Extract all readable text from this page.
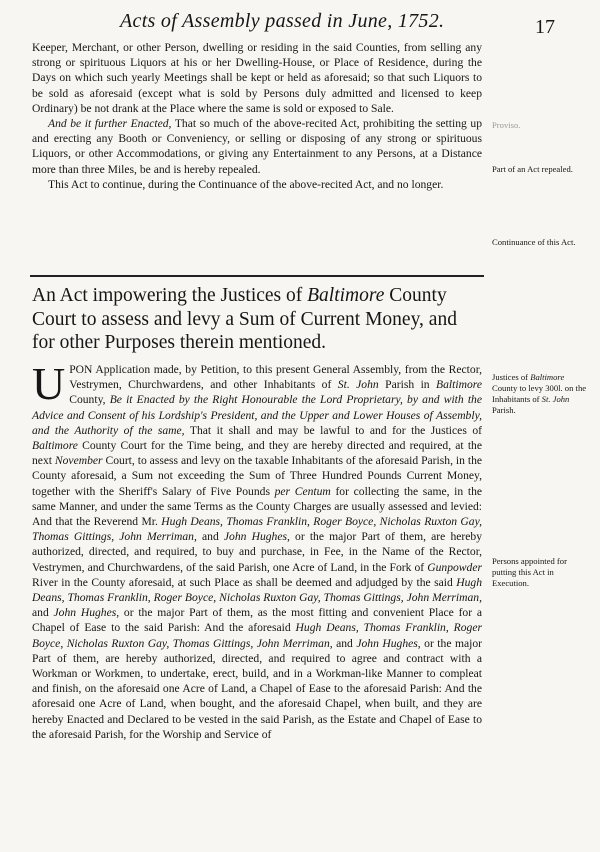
Acts of Assembly passed in June, 1752.	17

Keeper, Merchant, or other Person, dwelling or residing in the said Counties, from selling any strong or spirituous Liquors at his or her Dwelling-House, or Place of Residence, during the Days on which such yearly Meetings shall be kept or held as aforesaid; so that such Liquors to be sold as aforesaid (except what is sold by Persons duly admitted and licensed to keep Ordinary) be not drank at the Place where the same is sold or exposed to Sale.

And be it further Enacted, That so much of the above-recited Act, prohibiting the setting up and erecting any Booth or Conveniency, or selling or disposing of any strong or spirituous Liquors, or other Accommodations, or giving any Entertainment to any Persons, at a Distance more than three Miles, be and is hereby repealed.

This Act to continue, during the Continuance of the above-recited Act, and no longer.

An Act impowering the Justices of Baltimore County Court to assess and levy a Sum of Current Money, and for other Purposes therein mentioned.

UPON Application made, by Petition, to this present General Assembly, from the Rector, Vestrymen, Churchwardens, and other Inhabitants of St. John Parish in Baltimore County, Be it Enacted by the Right Honourable the Lord Proprietary, by and with the Advice and Consent of his Lordship's President, and the Upper and Lower Houses of Assembly, and the Authority of the same, That it shall and may be lawful to and for the Justices of Baltimore County Court for the Time being, and they are hereby directed and required, at the next November Court, to assess and levy on the taxable Inhabitants of the aforesaid Parish, in the County aforesaid, a Sum not exceeding the Sum of Three Hundred Pounds Current Money, together with the Sheriff's Salary of Five Pounds per Centum for collecting the same, in the same Manner, and under the same Terms as the County Charges are usually assessed and levied: And that the Reverend Mr. Hugh Deans, Thomas Franklin, Roger Boyce, Nicholas Ruxton Gay, Thomas Gittings, John Merriman, and John Hughes, or the major Part of them, are hereby authorized, directed, and required, to buy and purchase, in Fee, in the Name of the Rector, Vestrymen, and Churchwardens, of the said Parish, one Acre of Land, in the Fork of Gunpowder River in the County aforesaid, at such Place as shall be deemed and adjudged by the said Hugh Deans, Thomas Franklin, Roger Boyce, Nicholas Ruxton Gay, Thomas Gittings, John Merriman, and John Hughes, or the major Part of them, as the most fitting and convenient Place for a Chapel of Ease to the said Parish: And the aforesaid Hugh Deans, Thomas Franklin, Roger Boyce, Nicholas Ruxton Gay, Thomas Gittings, John Merriman, and John Hughes, or the major Part of them, are hereby authorized, directed, and required to agree and contract with a Workman or Workmen, to undertake, erect, build, and in a Workman-like Manner to compleat and finish, on the aforesaid one Acre of Land, a Chapel of Ease to the aforesaid Parish: And the aforesaid one Acre of Land, when bought, and the aforesaid Chapel, when built, and they are hereby Enacted and Declared to be vested in the said Parish, as the Estate and Chapel of Ease to the aforesaid Parish, for the Worship and Service of

Proviso.
Part of an Act repealed.
Continuance of this Act.
Justices of Baltimore County to levy 300l. on the Inhabitants of St. John Parish.
Persons appointed for putting this Act in Execution.
